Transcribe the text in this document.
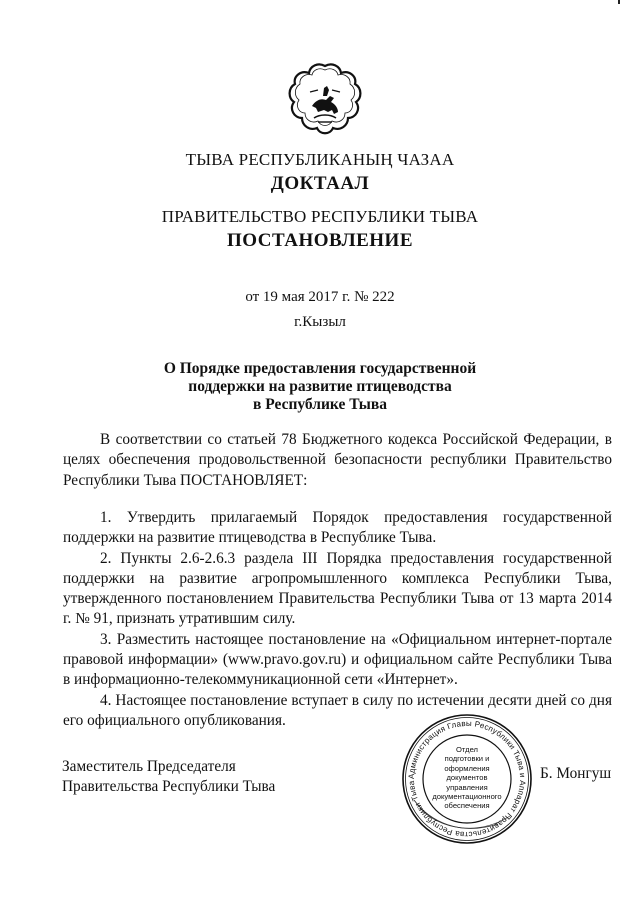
ТЫВА РЕСПУБЛИКАНЫҢ ЧАЗАА
ДОКТААЛ
ПРАВИТЕЛЬСТВО РЕСПУБЛИКИ ТЫВА
ПОСТАНОВЛЕНИЕ
от 19 мая 2017 г. № 222
г.Кызыл
О Порядке предоставления государственной
поддержки на развитие птицеводства
в Республике Тыва

В соответствии со статьей 78 Бюджетного кодекса Российской Федерации, в целях обеспечения продовольственной безопасности республики Правительство Республики Тыва ПОСТАНОВЛЯЕТ:

1. Утвердить прилагаемый Порядок предоставления государственной поддержки на развитие птицеводства в Республике Тыва.

2. Пункты 2.6-2.6.3 раздела III Порядка предоставления государственной поддержки на развитие агропромышленного комплекса Республики Тыва, утвержденного постановлением Правительства Республики Тыва от 13 марта 2014 г. № 91, признать утратившим силу.

3. Разместить настоящее постановление на «Официальном интернет-портале правовой информации» (www.pravo.gov.ru) и официальном сайте Республики Тыва в информационно-телекоммуникационной сети «Интернет».

4. Настоящее постановление вступает в силу по истечении десяти дней со дня его официального опубликования.

Заместитель Председателя
Правительства Республики Тыва
Б. Монгуш
Администрация Главы Республики Тыва и Аппарат Правительства Республики Тыва
Отдел
подготовки и
оформления документов
управления
документационного
обеспечения
